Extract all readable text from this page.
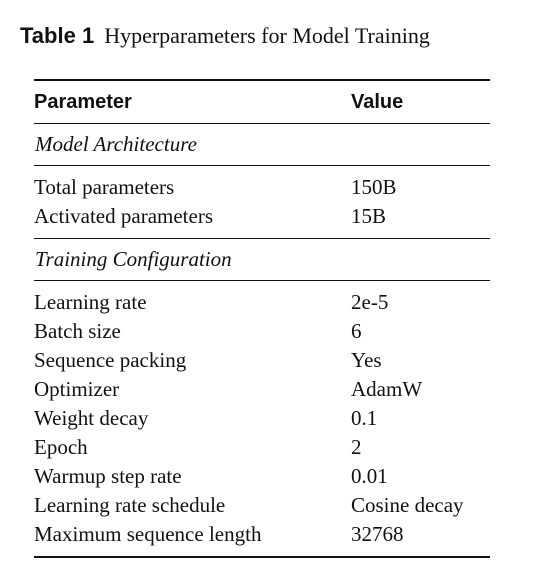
Table 1 Hyperparameters for Model Training
Parameter	Value
Model Architecture	
Total parameters	150B
Activated parameters	15B
Training Configuration	
Learning rate	2e-5
Batch size	6
Sequence packing	Yes
Optimizer	AdamW
Weight decay	0.1
Epoch	2
Warmup step rate	0.01
Learning rate schedule	Cosine decay
Maximum sequence length	32768
